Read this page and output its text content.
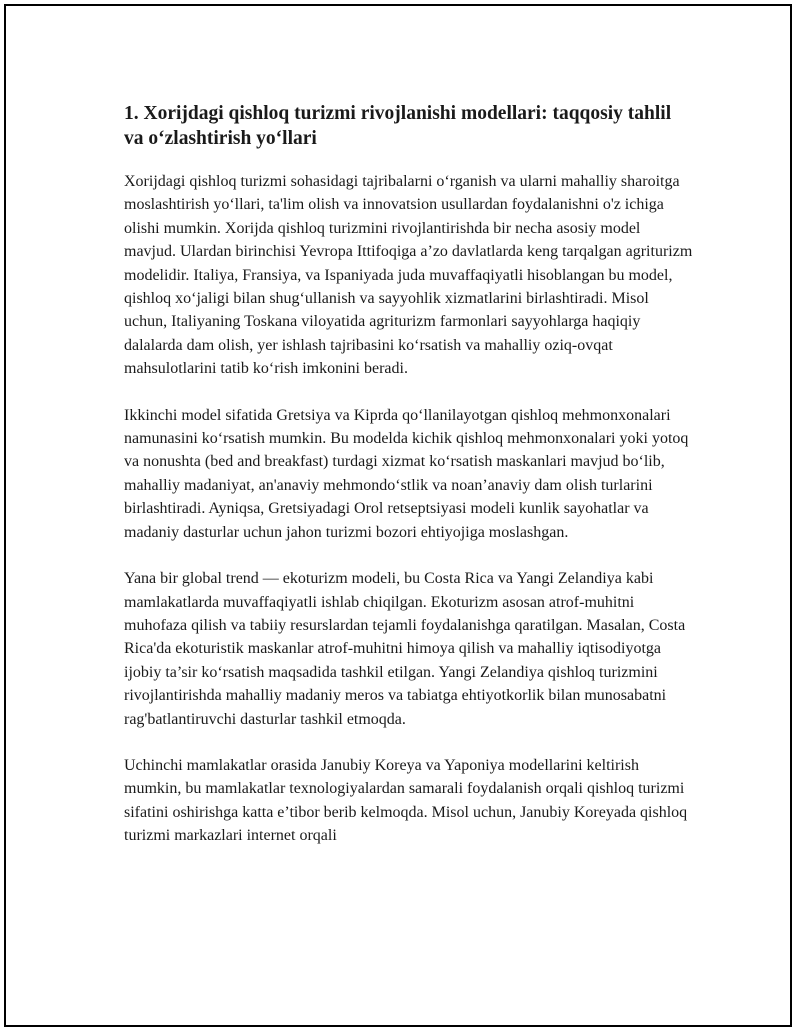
1. Xorijdagi qishloq turizmi rivojlanishi modellari: taqqosiy tahlil va o‘zlashtirish yo‘llari

Xorijdagi qishloq turizmi sohasidagi tajribalarni o‘rganish va ularni mahalliy sharoitga moslashtirish yo‘llari, ta'lim olish va innovatsion usullardan foydalanishni o'z ichiga olishi mumkin. Xorijda qishloq turizmini rivojlantirishda bir necha asosiy model mavjud. Ulardan birinchisi Yevropa Ittifoqiga a’zo davlatlarda keng tarqalgan agriturizm modelidir. Italiya, Fransiya, va Ispaniyada juda muvaffaqiyatli hisoblangan bu model, qishloq xo‘jaligi bilan shug‘ullanish va sayyohlik xizmatlarini birlashtiradi. Misol uchun, Italiyaning Toskana viloyatida agriturizm farmonlari sayyohlarga haqiqiy dalalarda dam olish, yer ishlash tajribasini ko‘rsatish va mahalliy oziq-ovqat mahsulotlarini tatib ko‘rish imkonini beradi.

Ikkinchi model sifatida Gretsiya va Kiprda qo‘llanilayotgan qishloq mehmonxonalari namunasini ko‘rsatish mumkin. Bu modelda kichik qishloq mehmonxonalari yoki yotoq va nonushta (bed and breakfast) turdagi xizmat ko‘rsatish maskanlari mavjud bo‘lib, mahalliy madaniyat, an'anaviy mehmondo‘stlik va noan’anaviy dam olish turlarini birlashtiradi. Ayniqsa, Gretsiyadagi Orol retseptsiyasi modeli kunlik sayohatlar va madaniy dasturlar uchun jahon turizmi bozori ehtiyojiga moslashgan.

Yana bir global trend — ekoturizm modeli, bu Costa Rica va Yangi Zelandiya kabi mamlakatlarda muvaffaqiyatli ishlab chiqilgan. Ekoturizm asosan atrof-muhitni muhofaza qilish va tabiiy resurslardan tejamli foydalanishga qaratilgan. Masalan, Costa Rica'da ekoturistik maskanlar atrof-muhitni himoya qilish va mahalliy iqtisodiyotga ijobiy ta’sir ko‘rsatish maqsadida tashkil etilgan. Yangi Zelandiya qishloq turizmini rivojlantirishda mahalliy madaniy meros va tabiatga ehtiyotkorlik bilan munosabatni rag'batlantiruvchi dasturlar tashkil etmoqda.

Uchinchi mamlakatlar orasida Janubiy Koreya va Yaponiya modellarini keltirish mumkin, bu mamlakatlar texnologiyalardan samarali foydalanish orqali qishloq turizmi sifatini oshirishga katta e’tibor berib kelmoqda. Misol uchun, Janubiy Koreyada qishloq turizmi markazlari internet orqali
